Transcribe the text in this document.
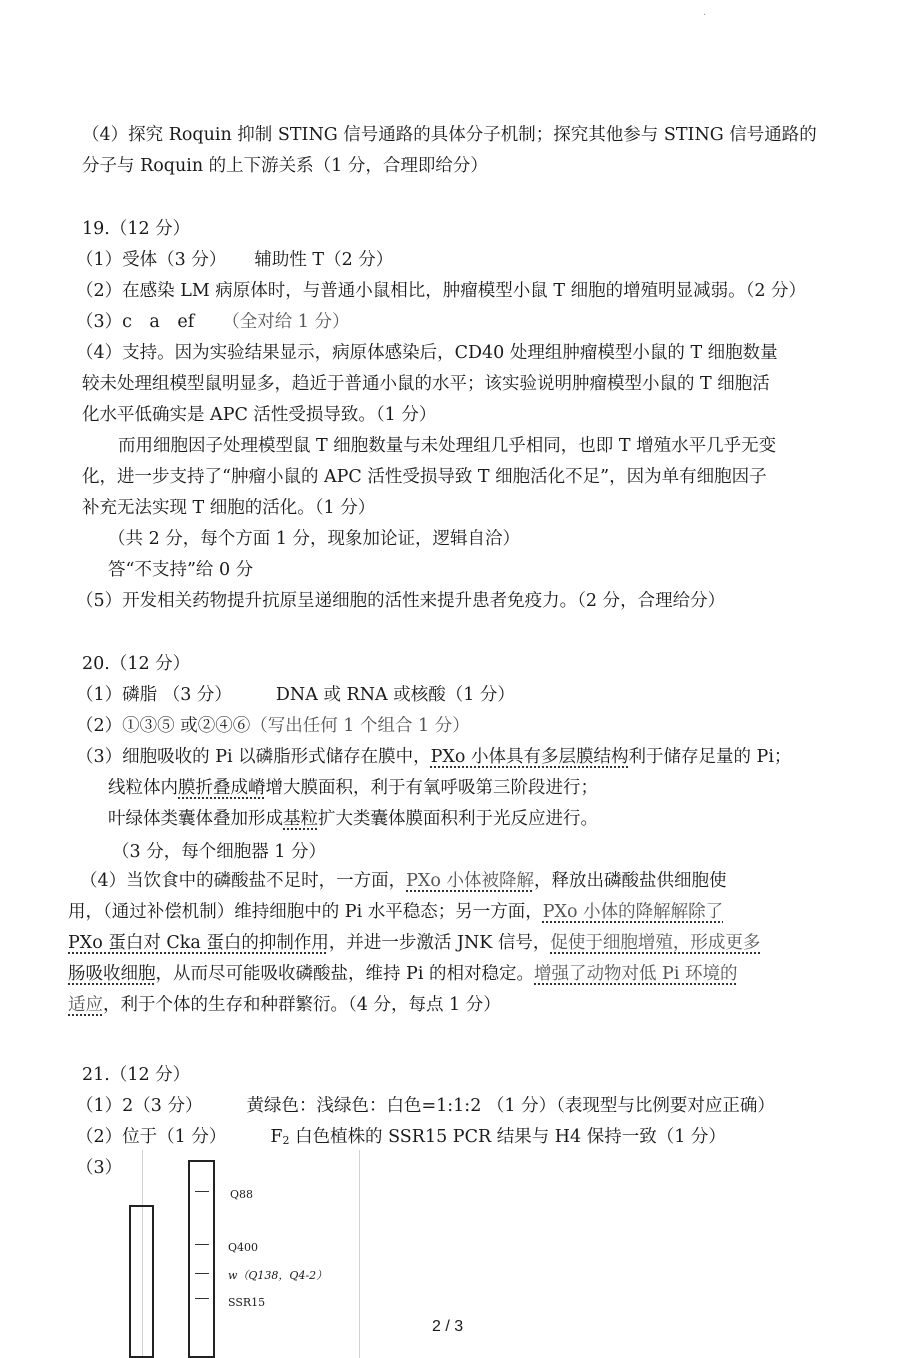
·
（4）探究 Roquin 抑制 STING 信号通路的具体分子机制；探究其他参与 STING 信号通路的
分子与 Roquin 的上下游关系（1 分，合理即给分）
19.（12 分）
（1）受体（3 分） 辅助性 T（2 分）
（2）在感染 LM 病原体时，与普通小鼠相比，肿瘤模型小鼠 T 细胞的增殖明显减弱。（2 分）
（3）c　a　ef （全对给 1 分）
（4）支持。因为实验结果显示，病原体感染后，CD40 处理组肿瘤模型小鼠的 T 细胞数量
较未处理组模型鼠明显多，趋近于普通小鼠的水平；该实验说明肿瘤模型小鼠的 T 细胞活
化水平低确实是 APC 活性受损导致。（1 分）
而用细胞因子处理模型鼠 T 细胞数量与未处理组几乎相同，也即 T 增殖水平几乎无变
化，进一步支持了“肿瘤小鼠的 APC 活性受损导致 T 细胞活化不足”，因为单有细胞因子
补充无法实现 T 细胞的活化。（1 分）
（共 2 分，每个方面 1 分，现象加论证，逻辑自洽）
答“不支持”给 0 分
（5）开发相关药物提升抗原呈递细胞的活性来提升患者免疫力。（2 分，合理给分）
20.（12 分）
（1）磷脂 （3 分）	DNA 或 RNA 或核酸（1 分）
（2）①③⑤ 或②④⑥（写出任何 1 个组合 1 分）
（3）细胞吸收的 Pi 以磷脂形式储存在膜中，PXo 小体具有多层膜结构利于储存足量的 Pi；
线粒体内膜折叠成嵴增大膜面积，利于有氧呼吸第三阶段进行；
叶绿体类囊体叠加形成基粒扩大类囊体膜面积利于光反应进行。
（3 分，每个细胞器 1 分）
（4）当饮食中的磷酸盐不足时，一方面，PXo 小体被降解，释放出磷酸盐供细胞使
用，（通过补偿机制）维持细胞中的 Pi 水平稳态；另一方面，PXo 小体的降解解除了
PXo 蛋白对 Cka 蛋白的抑制作用，并进一步激活 JNK 信号，促使于细胞增殖，形成更多
肠吸收细胞，从而尽可能吸收磷酸盐，维持 Pi 的相对稳定。增强了动物对低 Pi 环境的
适应，利于个体的生存和种群繁衍。（4 分，每点 1 分）
21.（12 分）
（1）2（3 分）	黄绿色：浅绿色：白色=1:1:2 （1 分）（表现型与比例要对应正确）
（2）位于（1 分）	$F_2$ 白色植株的 SSR15 PCR 结果与 H4 保持一致（1 分）
（3）
Q88
Q400
w（Q138，Q4-2）
SSR15
2 / 3
